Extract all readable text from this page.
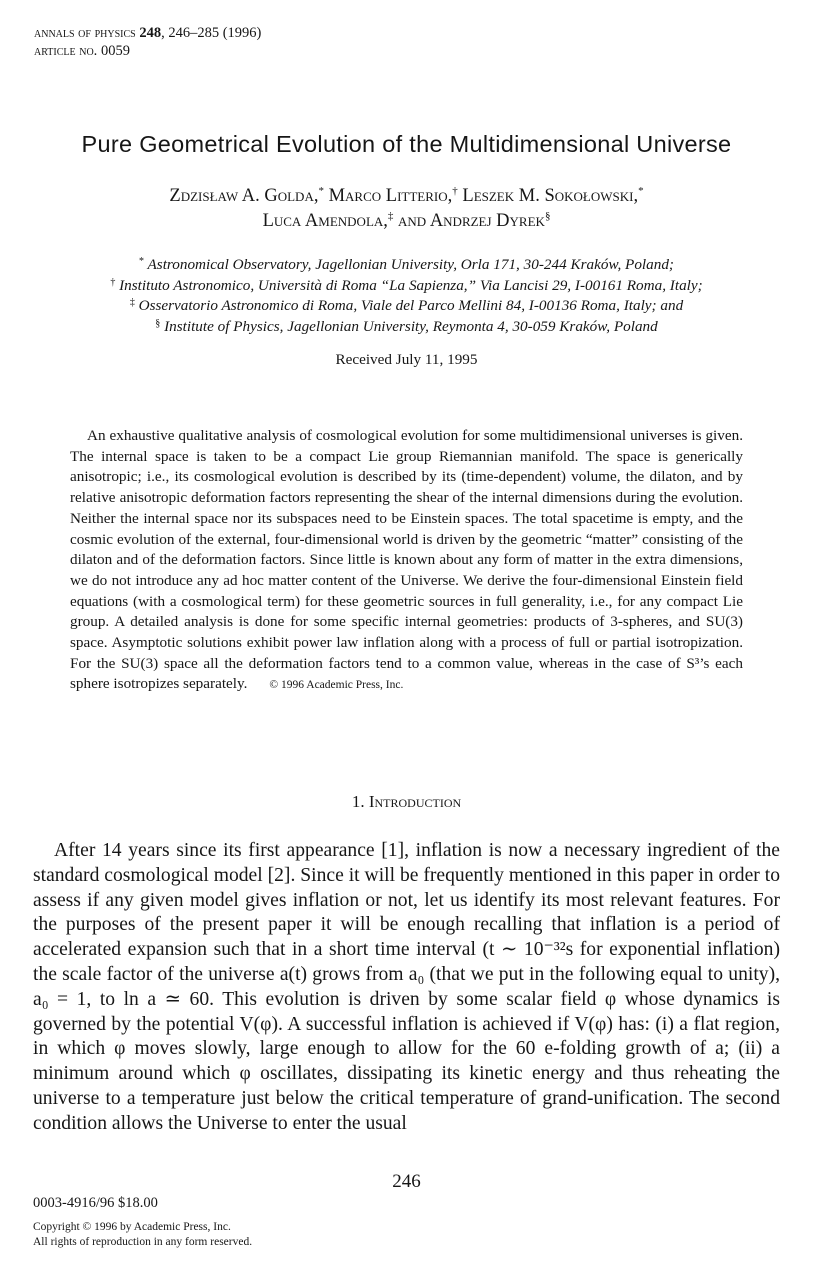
annals of physics 248, 246–285 (1996)
article no. 0059
Pure Geometrical Evolution of the Multidimensional Universe
Zdzisław A. Golda,* Marco Litterio,† Leszek M. Sokołowski,*
Luca Amendola,‡ and Andrzej Dyrek§
* Astronomical Observatory, Jagellonian University, Orla 171, 30-244 Kraków, Poland;
† Instituto Astronomico, Università di Roma “La Sapienza,” Via Lancisi 29, I-00161 Roma, Italy;
‡ Osservatorio Astronomico di Roma, Viale del Parco Mellini 84, I-00136 Roma, Italy; and
§ Institute of Physics, Jagellonian University, Reymonta 4, 30-059 Kraków, Poland
Received July 11, 1995
An exhaustive qualitative analysis of cosmological evolution for some multidimensional universes is given. The internal space is taken to be a compact Lie group Riemannian manifold. The space is generically anisotropic; i.e., its cosmological evolution is described by its (time-dependent) volume, the dilaton, and by relative anisotropic deformation factors representing the shear of the internal dimensions during the evolution. Neither the internal space nor its subspaces need to be Einstein spaces. The total spacetime is empty, and the cosmic evolution of the external, four-dimensional world is driven by the geometric “matter” consisting of the dilaton and of the deformation factors. Since little is known about any form of matter in the extra dimensions, we do not introduce any ad hoc matter content of the Universe. We derive the four-dimensional Einstein field equations (with a cosmological term) for these geometric sources in full generality, i.e., for any compact Lie group. A detailed analysis is done for some specific internal geometries: products of 3-spheres, and SU(3) space. Asymptotic solutions exhibit power law inflation along with a process of full or partial isotropization. For the SU(3) space all the deformation factors tend to a common value, whereas in the case of S³’s each sphere isotropizes separately. © 1996 Academic Press, Inc.
1. Introduction
After 14 years since its first appearance [1], inflation is now a necessary ingredient of the standard cosmological model [2]. Since it will be frequently mentioned in this paper in order to assess if any given model gives inflation or not, let us identify its most relevant features. For the purposes of the present paper it will be enough recalling that inflation is a period of accelerated expansion such that in a short time interval (t ∼ 10⁻³²s for exponential inflation) the scale factor of the universe a(t) grows from a₀ (that we put in the following equal to unity), a₀ = 1, to ln a ≃ 60. This evolution is driven by some scalar field φ whose dynamics is governed by the potential V(φ). A successful inflation is achieved if V(φ) has: (i) a flat region, in which φ moves slowly, large enough to allow for the 60 e-folding growth of a; (ii) a minimum around which φ oscillates, dissipating its kinetic energy and thus reheating the universe to a temperature just below the critical temperature of grand-unification. The second condition allows the Universe to enter the usual
246
0003-4916/96 $18.00
Copyright © 1996 by Academic Press, Inc.
All rights of reproduction in any form reserved.
